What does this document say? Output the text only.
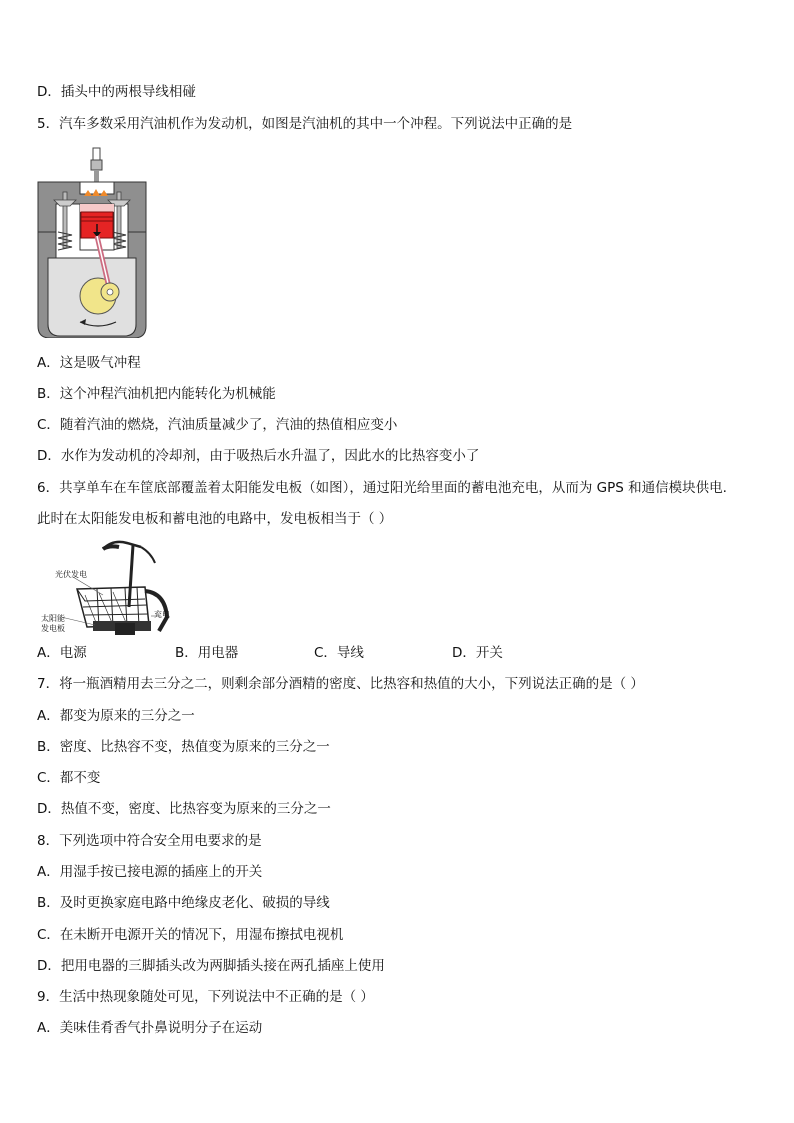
D．插头中的两根导线相碰
5．汽车多数采用汽油机作为发动机，如图是汽油机的其中一个冲程。下列说法中正确的是
A．这是吸气冲程
B．这个冲程汽油机把内能转化为机械能
C．随着汽油的燃烧，汽油质量减少了，汽油的热值相应变小
D．水作为发动机的冷却剂，由于吸热后水升温了，因此水的比热容变小了
6．共享单车在车筐底部覆盖着太阳能发电板（如图），通过阳光给里面的蓄电池充电，从而为 GPS 和通信模块供电.
此时在太阳能发电板和蓄电池的电路中，发电板相当于（ ）
光伏发电
充电
太阳能
发电板
A．电源	B．用电器	C．导线	D．开关
7．将一瓶酒精用去三分之二，则剩余部分酒精的密度、比热容和热值的大小，下列说法正确的是（ ）
A．都变为原来的三分之一
B．密度、比热容不变，热值变为原来的三分之一
C．都不变
D．热值不变，密度、比热容变为原来的三分之一
8．下列选项中符合安全用电要求的是
A．用湿手按已接电源的插座上的开关
B．及时更换家庭电路中绝缘皮老化、破损的导线
C．在未断开电源开关的情况下，用湿布擦拭电视机
D．把用电器的三脚插头改为两脚插头接在两孔插座上使用
9．生活中热现象随处可见，下列说法中不正确的是（ ）
A．美味佳肴香气扑鼻说明分子在运动
